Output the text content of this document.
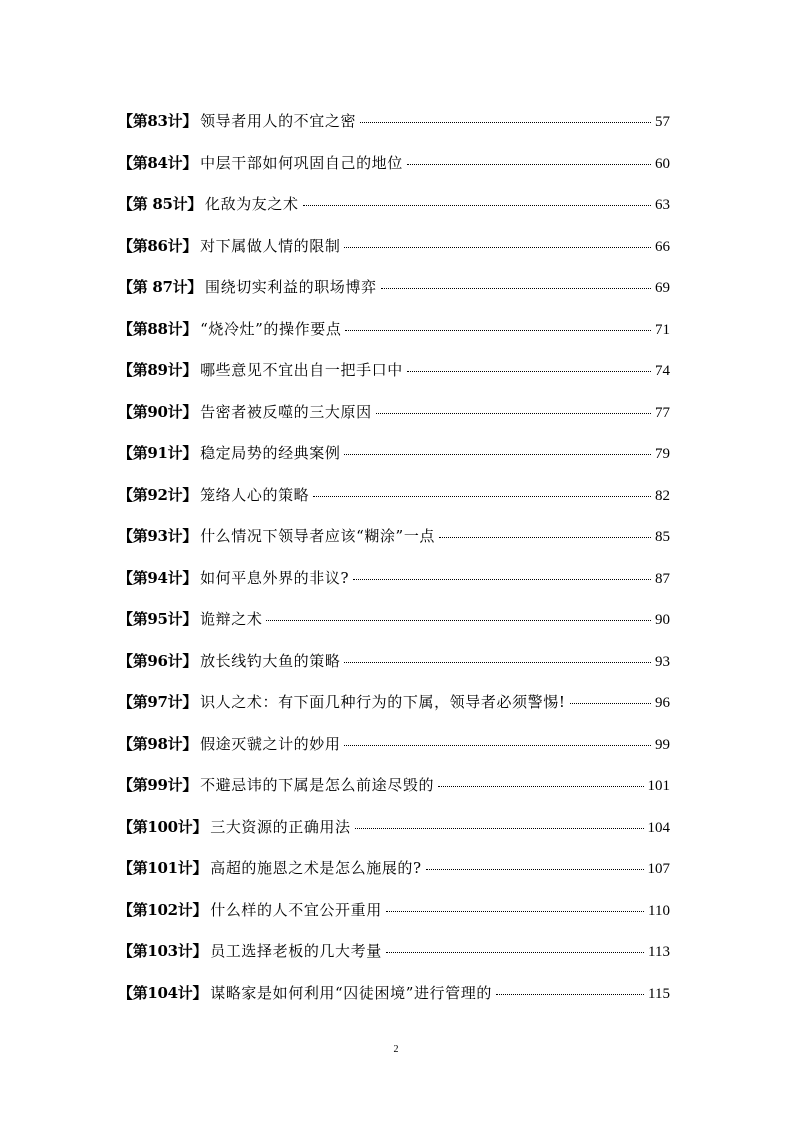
【第83计】 领导者用人的不宜之密	57
【第84计】 中层干部如何巩固自己的地位	60
【第 85计】 化敌为友之术	63
【第86计】 对下属做人情的限制	66
【第 87计】 围绕切实利益的职场博弈	69
【第88计】 “烧冷灶”的操作要点	71
【第89计】 哪些意见不宜出自一把手口中	74
【第90计】 告密者被反噬的三大原因	77
【第91计】 稳定局势的经典案例	79
【第92计】 笼络人心的策略	82
【第93计】 什么情况下领导者应该“糊涂”一点	85
【第94计】 如何平息外界的非议?	87
【第95计】 诡辩之术	90
【第96计】 放长线钓大鱼的策略	93
【第97计】 识人之术：有下面几种行为的下属，领导者必须警惕!	96
【第98计】 假途灭虢之计的妙用	99
【第99计】 不避忌讳的下属是怎么前途尽毁的	101
【第100计】 三大资源的正确用法	104
【第101计】 高超的施恩之术是怎么施展的?	107
【第102计】 什么样的人不宜公开重用	110
【第103计】 员工选择老板的几大考量	113
【第104计】 谋略家是如何利用“囚徒困境”进行管理的	115
2
